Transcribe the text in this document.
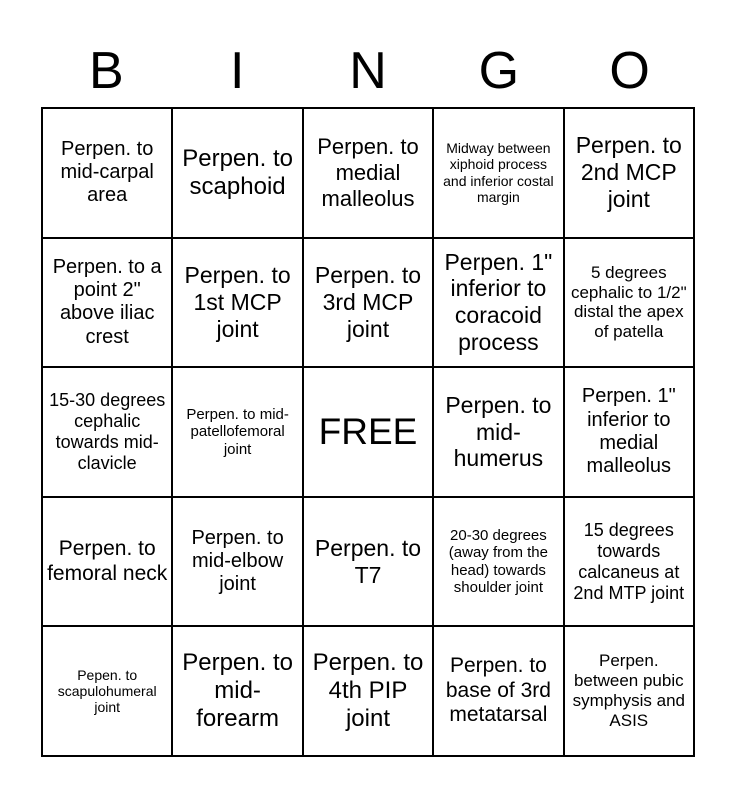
B	I	N	G	O
Perpen. to mid-carpal area
Perpen. to scaphoid
Perpen. to medial malleolus
Midway between xiphoid process and inferior costal margin
Perpen. to 2nd MCP joint
Perpen. to a point 2" above iliac crest
Perpen. to 1st MCP joint
Perpen. to 3rd MCP joint
Perpen. 1" inferior to coracoid process
5 degrees cephalic to 1/2" distal the apex of patella
15-30 degrees cephalic towards mid-clavicle
Perpen. to mid-patellofemoral joint	FREE
Perpen. to mid-humerus
Perpen. 1" inferior to medial malleolus
Perpen. to femoral neck
Perpen. to mid-elbow joint
Perpen. to T7
20-30 degrees (away from the head) towards shoulder joint
15 degrees towards calcaneus at 2nd MTP joint
Pepen. to scapulohumeral joint
Perpen. to mid-forearm
Perpen. to 4th PIP joint
Perpen. to base of 3rd metatarsal
Perpen. between pubic symphysis and ASIS
